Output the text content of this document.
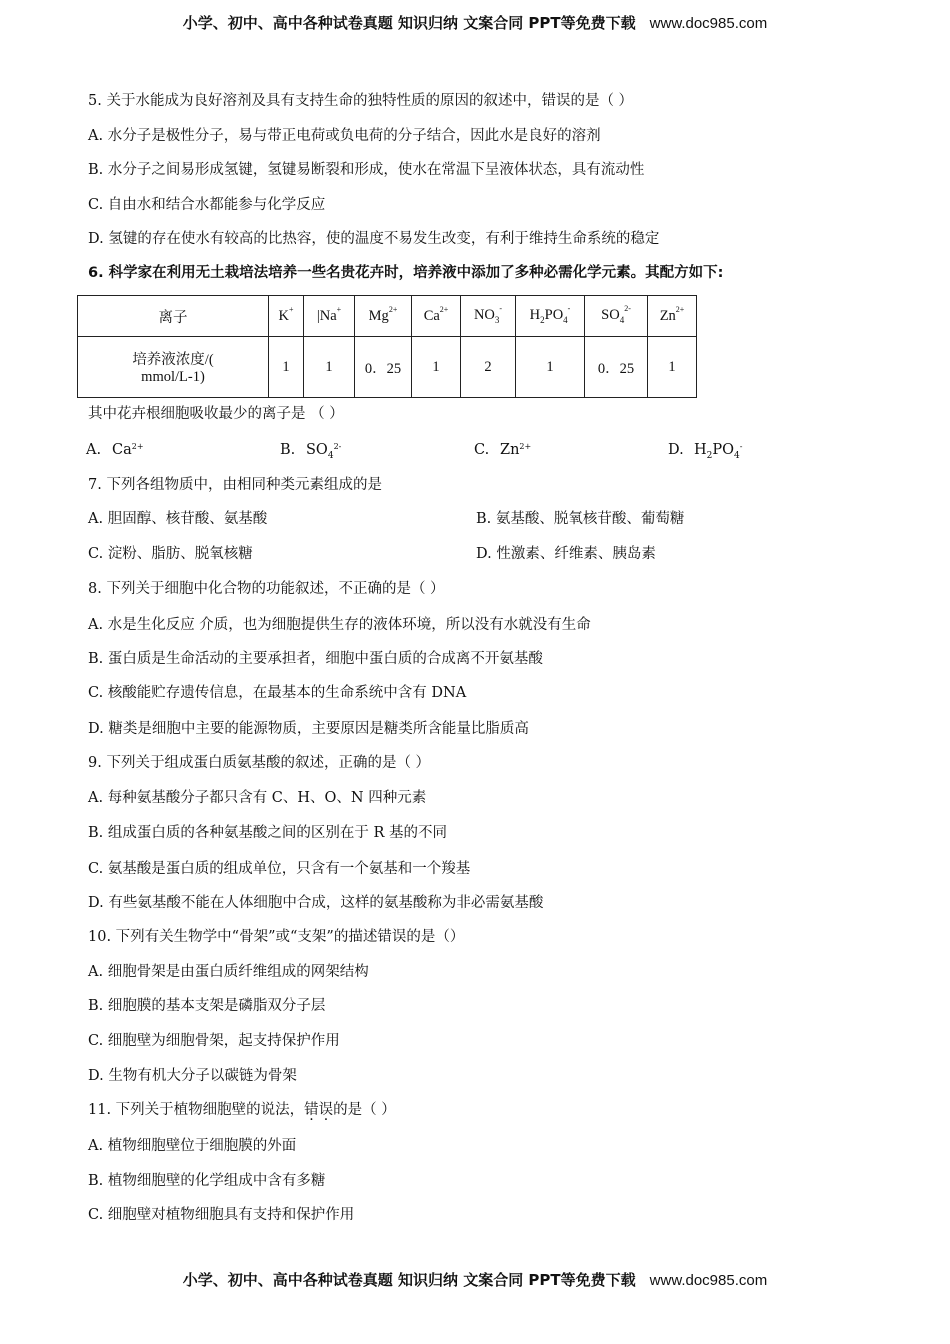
小学、初中、高中各种试卷真题 知识归纳 文案合同 PPT等免费下载 www.doc985.com
5. 关于水能成为良好溶剂及具有支持生命的独特性质的原因的叙述中，错误的是（ ）
A. 水分子是极性分子，易与带正电荷或负电荷的分子结合，因此水是良好的溶剂
B. 水分子之间易形成氢键，氢键易断裂和形成，使水在常温下呈液体状态，具有流动性
C. 自由水和结合水都能参与化学反应
D. 氢键的存在使水有较高的比热容，使的温度不易发生改变，有利于维持生命系统的稳定
6. 科学家在利用无土栽培法培养一些名贵花卉时，培养液中添加了多种必需化学元素。其配方如下:
离子	K+	|Na+	$Mg^{2+}$	$Ca^{2+}$	$NO_3^-$	$H_2PO_4^-$	$SO_4^{2-}$	$Zn^{2+}$
培养液浓度/(
mmol/L-1)	1	1	0．25	1	2	1	0．25	1
其中花卉根细胞吸收最少的离子是 （ ）
A. $Ca^{2+}$	B. $SO_4^{2-}$	C. $Zn^{2+}$	D. $H_2PO_4^-$
7. 下列各组物质中，由相同种类元素组成的是
A. 胆固醇、核苷酸、氨基酸	B. 氨基酸、脱氧核苷酸、葡萄糖
C. 淀粉、脂肪、脱氧核糖	D. 性激素、纤维素、胰岛素
8. 下列关于细胞中化合物的功能叙述，不正确的是（ ）
A. 水是生化反应 介质，也为细胞提供生存的液体环境，所以没有水就没有生命
B. 蛋白质是生命活动的主要承担者，细胞中蛋白质的合成离不开氨基酸
C. 核酸能贮存遗传信息，在最基本的生命系统中含有 DNA
D. 糖类是细胞中主要的能源物质，主要原因是糖类所含能量比脂质高
9. 下列关于组成蛋白质氨基酸的叙述，正确的是（ ）
A. 每种氨基酸分子都只含有 C、H、O、N 四种元素
B. 组成蛋白质的各种氨基酸之间的区别在于 R 基的不同
C. 氨基酸是蛋白质的组成单位，只含有一个氨基和一个羧基
D. 有些氨基酸不能在人体细胞中合成，这样的氨基酸称为非必需氨基酸
10. 下列有关生物学中“骨架”或“支架”的描述错误的是（）
A. 细胞骨架是由蛋白质纤维组成的网架结构
B. 细胞膜的基本支架是磷脂双分子层
C. 细胞壁为细胞骨架，起支持保护作用
D. 生物有机大分子以碳链为骨架
11. 下列关于植物细胞壁的说法，错误的是（ ）
A. 植物细胞壁位于细胞膜的外面
B. 植物细胞壁的化学组成中含有多糖
C. 细胞壁对植物细胞具有支持和保护作用
小学、初中、高中各种试卷真题 知识归纳 文案合同 PPT等免费下载 www.doc985.com
